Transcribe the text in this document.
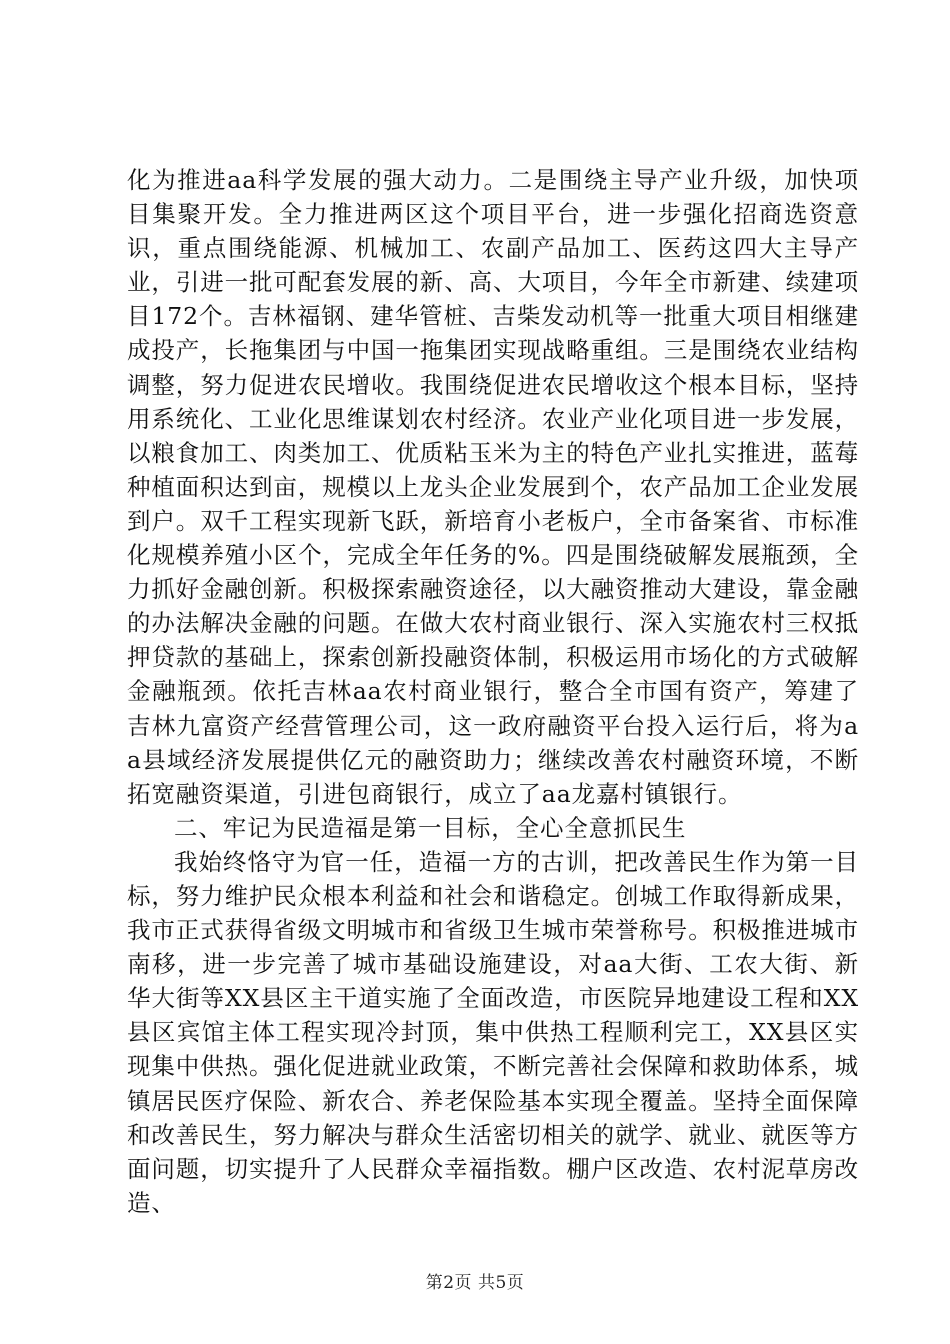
化为推进aa科学发展的强大动力。二是围绕主导产业升级，加快项目集聚开发。全力推进两区这个项目平台，进一步强化招商选资意识，重点围绕能源、机械加工、农副产品加工、医药这四大主导产业，引进一批可配套发展的新、高、大项目，今年全市新建、续建项目172个。吉林福钢、建华管桩、吉柴发动机等一批重大项目相继建成投产，长拖集团与中国一拖集团实现战略重组。三是围绕农业结构调整，努力促进农民增收。我围绕促进农民增收这个根本目标，坚持用系统化、工业化思维谋划农村经济。农业产业化项目进一步发展，以粮食加工、肉类加工、优质粘玉米为主的特色产业扎实推进，蓝莓种植面积达到亩，规模以上龙头企业发展到个，农产品加工企业发展到户。双千工程实现新飞跃，新培育小老板户，全市备案省、市标准化规模养殖小区个，完成全年任务的%。四是围绕破解发展瓶颈，全力抓好金融创新。积极探索融资途径，以大融资推动大建设，靠金融的办法解决金融的问题。在做大农村商业银行、深入实施农村三权抵押贷款的基础上，探索创新投融资体制，积极运用市场化的方式破解金融瓶颈。依托吉林aa农村商业银行，整合全市国有资产，筹建了吉林九富资产经营管理公司，这一政府融资平台投入运行后，将为aa县域经济发展提供亿元的融资助力；继续改善农村融资环境，不断拓宽融资渠道，引进包商银行，成立了aa龙嘉村镇银行。

二、牢记为民造福是第一目标，全心全意抓民生

我始终恪守为官一任，造福一方的古训，把改善民生作为第一目标，努力维护民众根本利益和社会和谐稳定。创城工作取得新成果，我市正式获得省级文明城市和省级卫生城市荣誉称号。积极推进城市南移，进一步完善了城市基础设施建设，对aa大街、工农大街、新华大街等XX县区主干道实施了全面改造，市医院异地建设工程和XX县区宾馆主体工程实现冷封顶，集中供热工程顺利完工，XX县区实现集中供热。强化促进就业政策，不断完善社会保障和救助体系，城镇居民医疗保险、新农合、养老保险基本实现全覆盖。坚持全面保障和改善民生，努力解决与群众生活密切相关的就学、就业、就医等方面问题，切实提升了人民群众幸福指数。棚户区改造、农村泥草房改造、

第2页 共5页
